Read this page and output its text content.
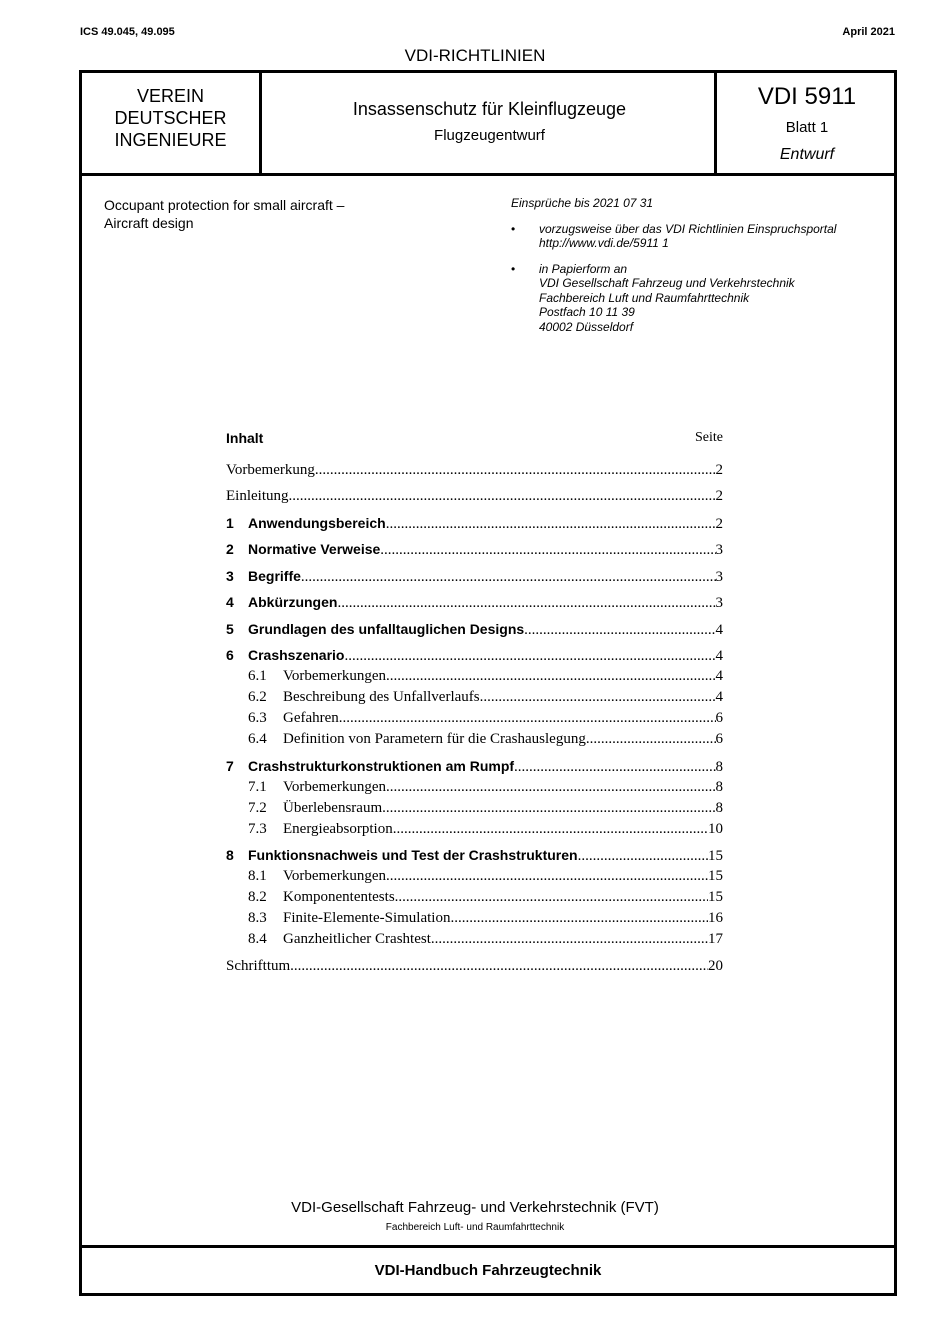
ICS 49.045, 49.095
VDI-RICHTLINIEN
April 2021
VEREIN
DEUTSCHER
INGENIEURE
Insassenschutz für Kleinflugzeuge
Flugzeugentwurf
VDI 5911
Blatt 1
Entwurf
Occupant protection for small aircraft –
Aircraft design
Einsprüche bis 2021 07 31
• vorzugsweise über das VDI Richtlinien Einspruchsportal
http://www.vdi.de/5911 1
• in Papierform an
VDI Gesellschaft Fahrzeug und Verkehrstechnik
Fachbereich Luft und Raumfahrttechnik
Postfach 10 11 39
40002 Düsseldorf
Inhalt	Seite
Vorbemerkung .....	2
Einleitung .....	2
1	Anwendungsbereich .....	2
2	Normative Verweise .....	3
3	Begriffe .....	3
4	Abkürzungen .....	3
5	Grundlagen des unfalltauglichen Designs .....	4
6	Crashszenario .....	4
6.1	Vorbemerkungen .....	4
6.2	Beschreibung des Unfallverlaufs .....	4
6.3	Gefahren .....	6
6.4	Definition von Parametern für die Crashauslegung .....	6
7	Crashstrukturkonstruktionen am Rumpf .....	8
7.1	Vorbemerkungen .....	8
7.2	Überlebensraum .....	8
7.3	Energieabsorption .....	10
8	Funktionsnachweis und Test der Crashstrukturen .....	15
8.1	Vorbemerkungen .....	15
8.2	Komponententests .....	15
8.3	Finite-Elemente-Simulation .....	16
8.4	Ganzheitlicher Crashtest .....	17
Schrifttum .....	20
VDI-Gesellschaft Fahrzeug- und Verkehrstechnik (FVT)
Fachbereich Luft- und Raumfahrttechnik
VDI-Handbuch Fahrzeugtechnik
